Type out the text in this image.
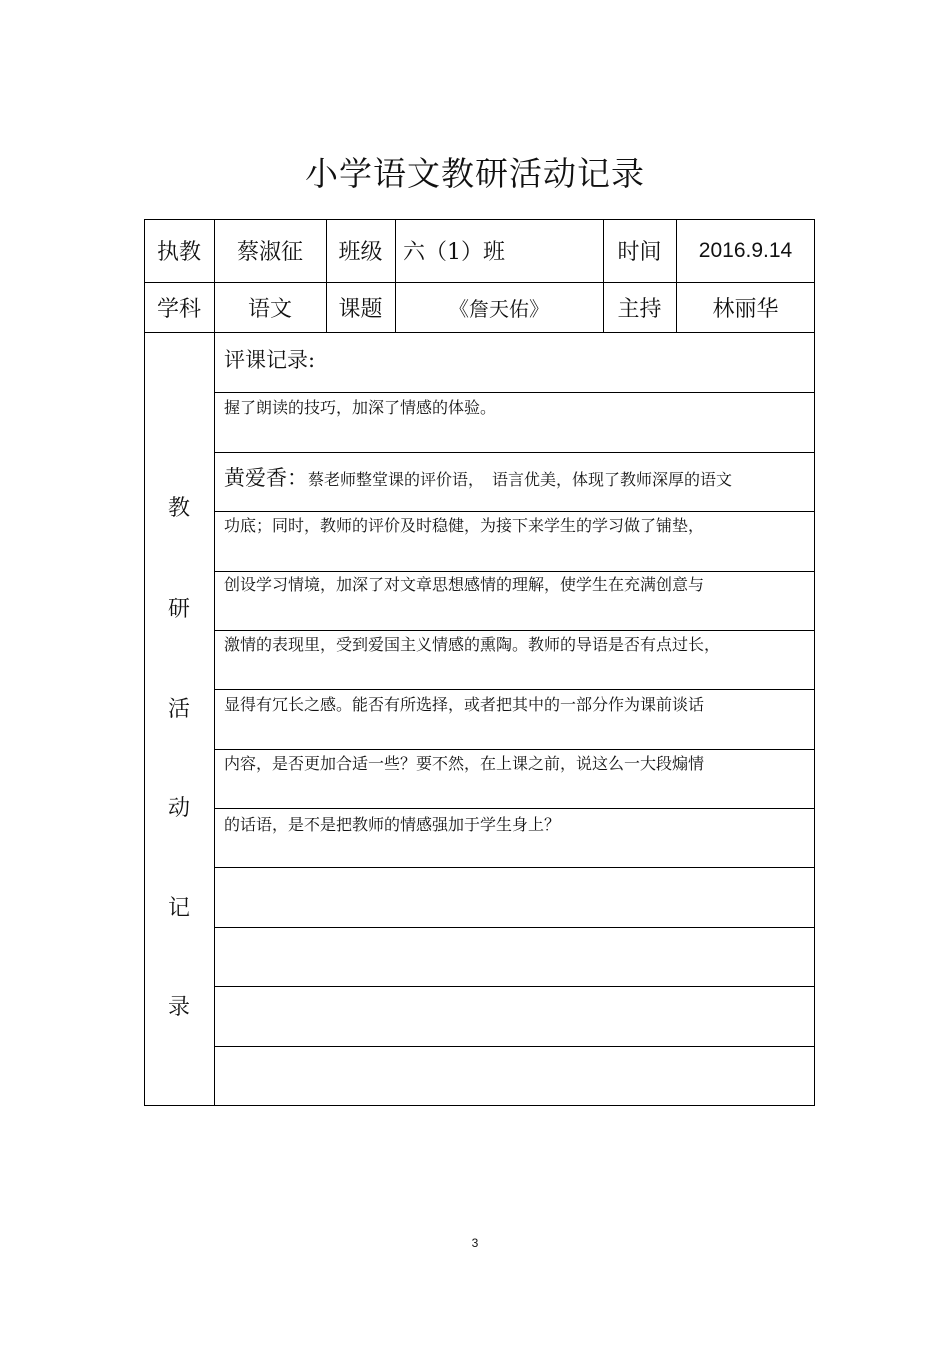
小学语文教研活动记录
执教	蔡淑征	班级 六（1）班	时间	2016.9.14
学科	语文	课题	《詹天佑》	主持	林丽华
教
研
活
动
记
录
评课记录:
握了朗读的技巧，加深了情感的体验。
黄爱香：蔡老师整堂课的评价语，　语言优美，体现了教师深厚的语文
功底；同时，教师的评价及时稳健，为接下来学生的学习做了铺垫，
创设学习情境，加深了对文章思想感情的理解，使学生在充满创意与
激情的表现里，受到爱国主义情感的熏陶。教师的导语是否有点过长，
显得有冗长之感。能否有所选择，或者把其中的一部分作为课前谈话
内容，是否更加合适一些？要不然，在上课之前，说这么一大段煽情
的话语，是不是把教师的情感强加于学生身上？
3
